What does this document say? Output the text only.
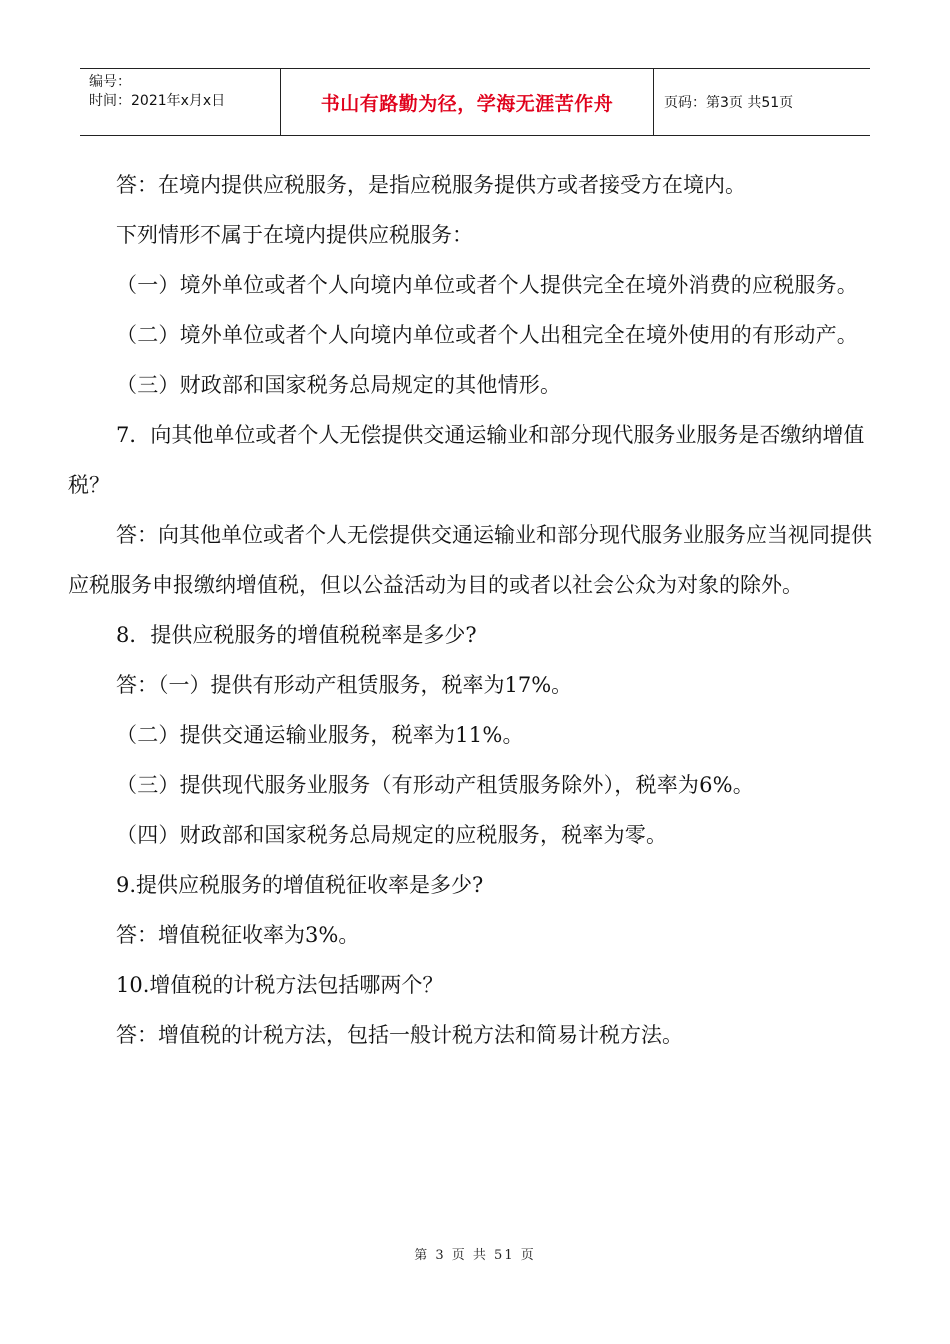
编号：
时间：2021年x月x日	书山有路勤为径，学海无涯苦作舟	页码：第3页 共51页

答：在境内提供应税服务，是指应税服务提供方或者接受方在境内。

下列情形不属于在境内提供应税服务：

（一）境外单位或者个人向境内单位或者个人提供完全在境外消费的应税服务。

（二）境外单位或者个人向境内单位或者个人出租完全在境外使用的有形动产。

（三）财政部和国家税务总局规定的其他情形。

7．向其他单位或者个人无偿提供交通运输业和部分现代服务业服务是否缴纳增值税？

答：向其他单位或者个人无偿提供交通运输业和部分现代服务业服务应当视同提供应税服务申报缴纳增值税，但以公益活动为目的或者以社会公众为对象的除外。

8．提供应税服务的增值税税率是多少?

答：（一）提供有形动产租赁服务，税率为17%。

（二）提供交通运输业服务，税率为11%。

（三）提供现代服务业服务（有形动产租赁服务除外），税率为6%。

（四）财政部和国家税务总局规定的应税服务，税率为零。

9.提供应税服务的增值税征收率是多少?

答：增值税征收率为3%。

10.增值税的计税方法包括哪两个？

答：增值税的计税方法，包括一般计税方法和简易计税方法。

第 3 页 共 51 页
